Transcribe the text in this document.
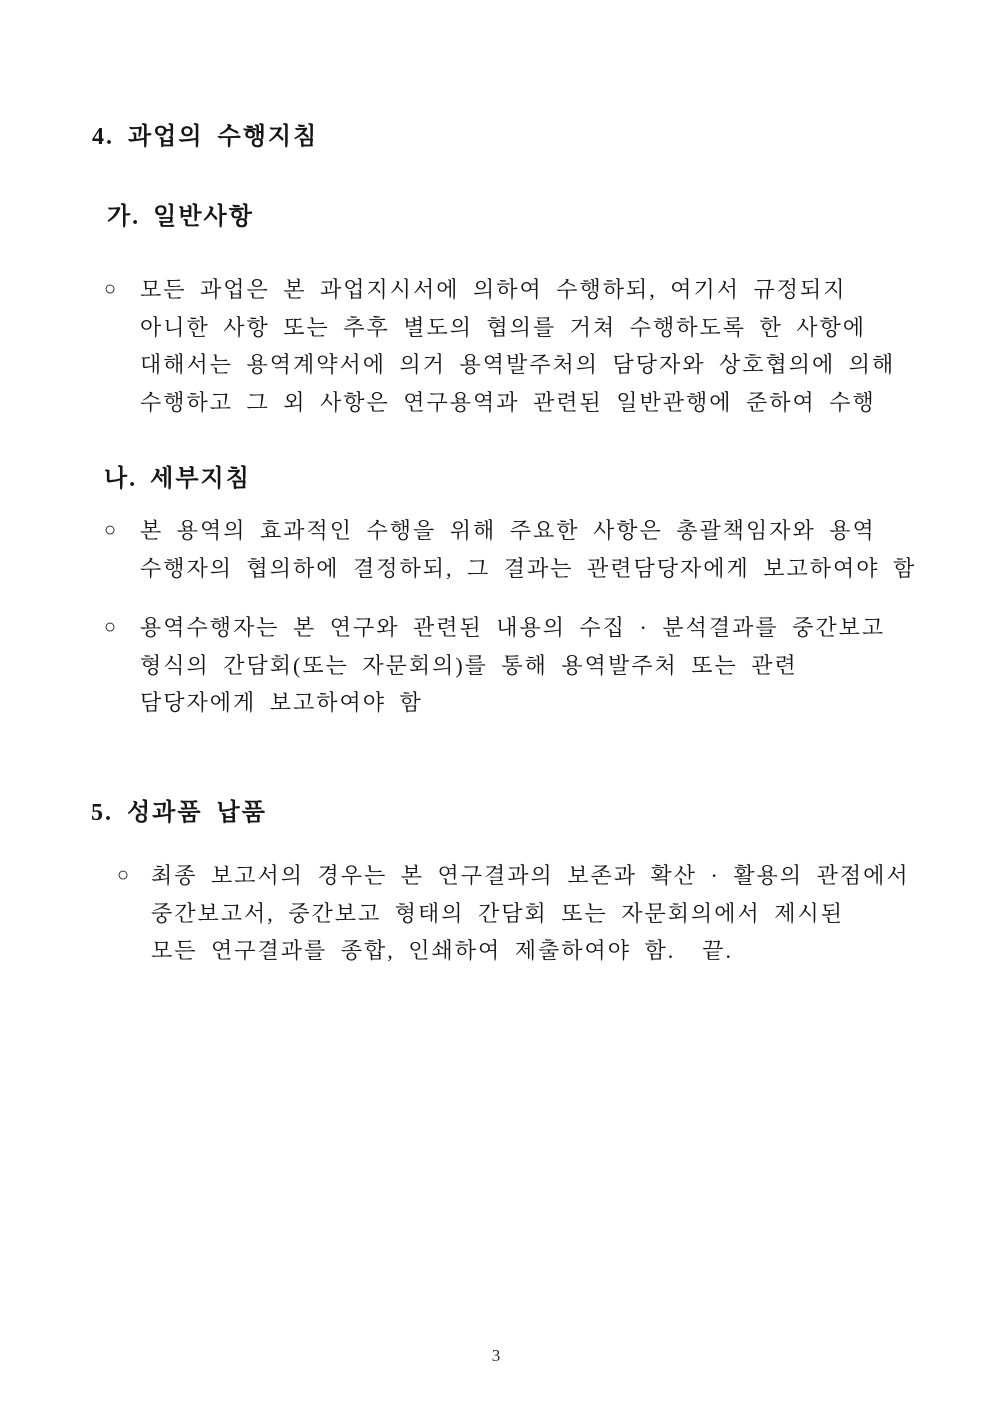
4. 과업의 수행지침
가. 일반사항
○	모든 과업은 본 과업지시서에 의하여 수행하되, 여기서 규정되지
아니한 사항 또는 추후 별도의 협의를 거쳐 수행하도록 한 사항에
대해서는 용역계약서에 의거 용역발주처의 담당자와 상호협의에 의해
수행하고 그 외 사항은 연구용역과 관련된 일반관행에 준하여 수행
나. 세부지침
○	본 용역의 효과적인 수행을 위해 주요한 사항은 총괄책임자와 용역
수행자의 협의하에 결정하되, 그 결과는 관련담당자에게 보고하여야 함
○	용역수행자는 본 연구와 관련된 내용의 수집 · 분석결과를 중간보고
형식의 간담회(또는 자문회의)를 통해 용역발주처 또는 관련
담당자에게 보고하여야 함
5. 성과품 납품
○ 최종 보고서의 경우는 본 연구결과의 보존과 확산 · 활용의 관점에서
중간보고서, 중간보고 형태의 간담회 또는 자문회의에서 제시된
모든 연구결과를 종합, 인쇄하여 제출하여야 함.  끝.
3
